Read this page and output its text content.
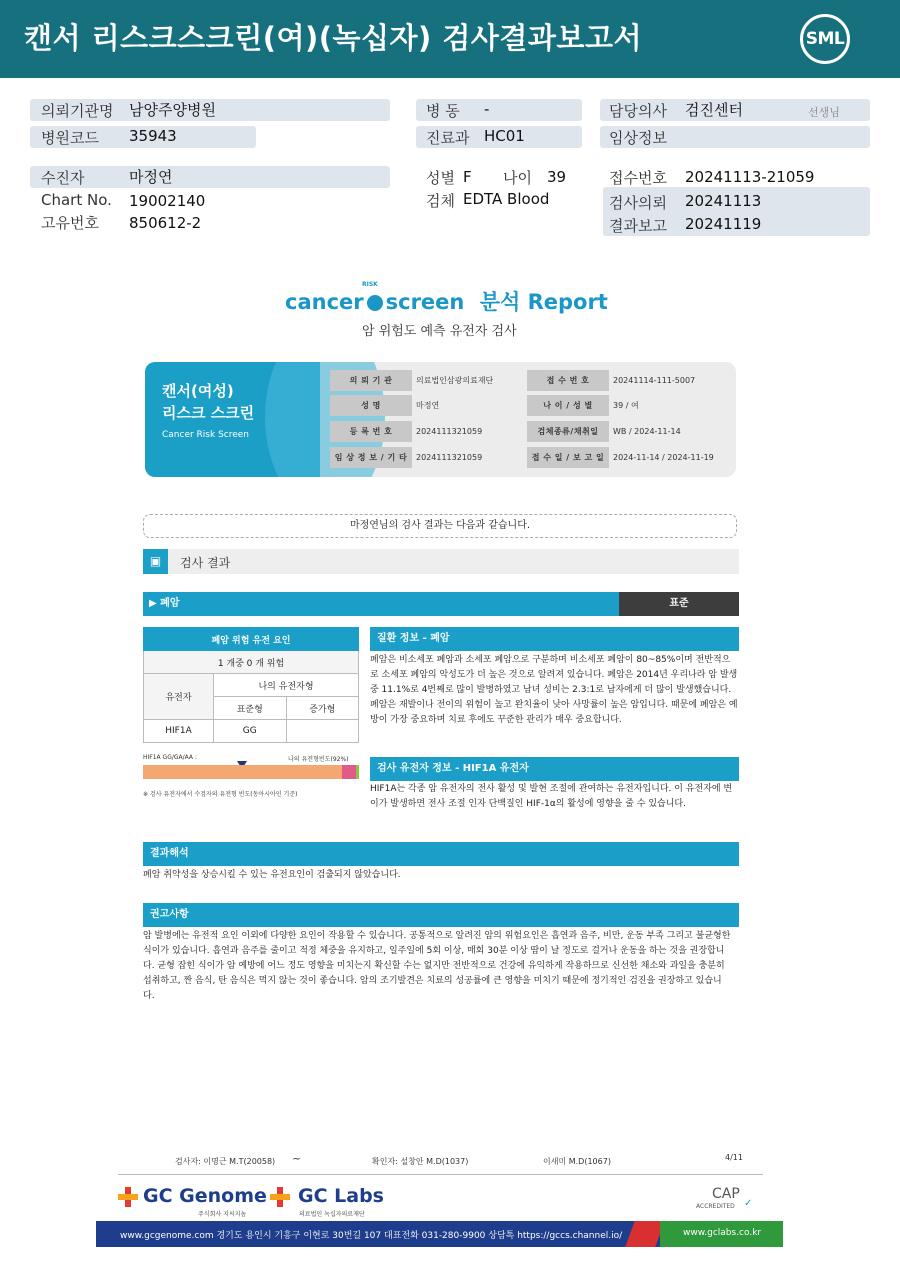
캔서 리스크스크린(여)(녹십자) 검사결과보고서	SML
의뢰기관명 남양주양병원
병원코드 35943
병 동 -
진료과 HC01
담당의사 검진센터	선생님
임상정보
수진자	마정연
Chart No. 19002140
고유번호 850612-2
성별 F 나이 39
검체 EDTA Blood
접수번호 20241113-21059
검사의뢰 20241113
결과보고 20241119
cancer screen 분석 Report
RISK
암 위험도 예측 유전자 검사
캔서(여성)
리스크 스크린
Cancer Risk Screen
의 뢰 기 관	의료법인삼광의료재단	접 수 번 호	20241114-111-5007
성 명	마정연	나 이 / 성 별	39 / 여
등 록 번 호	2024111321059	검체종류/채취일	WB / 2024-11-14
임 상 정 보 / 기 타	2024111321059	접 수 일 / 보 고 일	2024-11-14 / 2024-11-19
마정연님의 검사 결과는 다음과 같습니다.
▣	검사 결과
▶ 폐암	표준
폐암 위험 유전 요인		
1 개중 0 개 위험		
유전자	나의 유전자형	
	표준형	증가형
HIF1A	GG	
HIF1A GG/GA/AA :	나의 유전형빈도(92%)
※ 검사 유전자에서 수검자의 유전형 빈도(동아시아인 기준)
질환 정보 - 폐암
폐암은 비소세포 폐암과 소세포 폐암으로 구분하며 비소세포 폐암이 80~85%이며 전반적으로 소세포 폐암의 악성도가 더 높은 것으로 알려져 있습니다. 폐암은 2014년 우리나라 암 발생중 11.1%로 4번째로 많이 발병하였고 남녀 성비는 2.3:1로 남자에게 더 많이 발생했습니다. 폐암은 재발이나 전이의 위험이 높고 완치율이 낮아 사망률이 높은 암입니다. 때문에 폐암은 예방이 가장 중요하며 치료 후에도 꾸준한 관리가 매우 중요합니다.
검사 유전자 정보 - HIF1A 유전자
HIF1A는 각종 암 유전자의 전사 활성 및 발현 조절에 관여하는 유전자입니다. 이 유전자에 변이가 발생하면 전사 조절 인자 단백질인 HIF-1α의 활성에 영향을 줄 수 있습니다.
결과해석
폐암 취약성을 상승시킬 수 있는 유전요인이 검출되지 않았습니다.
권고사항
암 발병에는 유전적 요인 이외에 다양한 요인이 작용할 수 있습니다. 공통적으로 알려진 암의 위험요인은 흡연과 음주, 비만, 운동 부족 그리고 불균형한 식이가 있습니다. 흡연과 음주를 줄이고 적정 체중을 유지하고, 일주일에 5회 이상, 매회 30분 이상 땀이 날 정도로 걸거나 운동을 하는 것을 권장합니다. 균형 잡힌 식이가 암 예방에 어느 정도 영향을 미치는지 확신할 수는 없지만 전반적으로 건강에 유익하게 작용하므로 신선한 채소와 과일을 충분히 섭취하고, 짠 음식, 탄 음식은 먹지 않는 것이 좋습니다. 암의 조기발견은 치료의 성공률에 큰 영향을 미치기 때문에 정기적인 검진을 권장하고 있습니다.
검사자: 이명근 M.T(20058) ~	확인자: 설창안 M.D(1037)	이새미 M.D(1067)	4/11
GC Genome
주식회사 지씨지놈
GC Labs
의료법인 녹십자의료재단
CAP
ACCREDITED ✓
www.gcgenome.com 경기도 용인시 기흥구 이현로 30번길 107 대표전화 031-280-9900 상담톡 https://gccs.channel.io/	www.gclabs.co.kr
